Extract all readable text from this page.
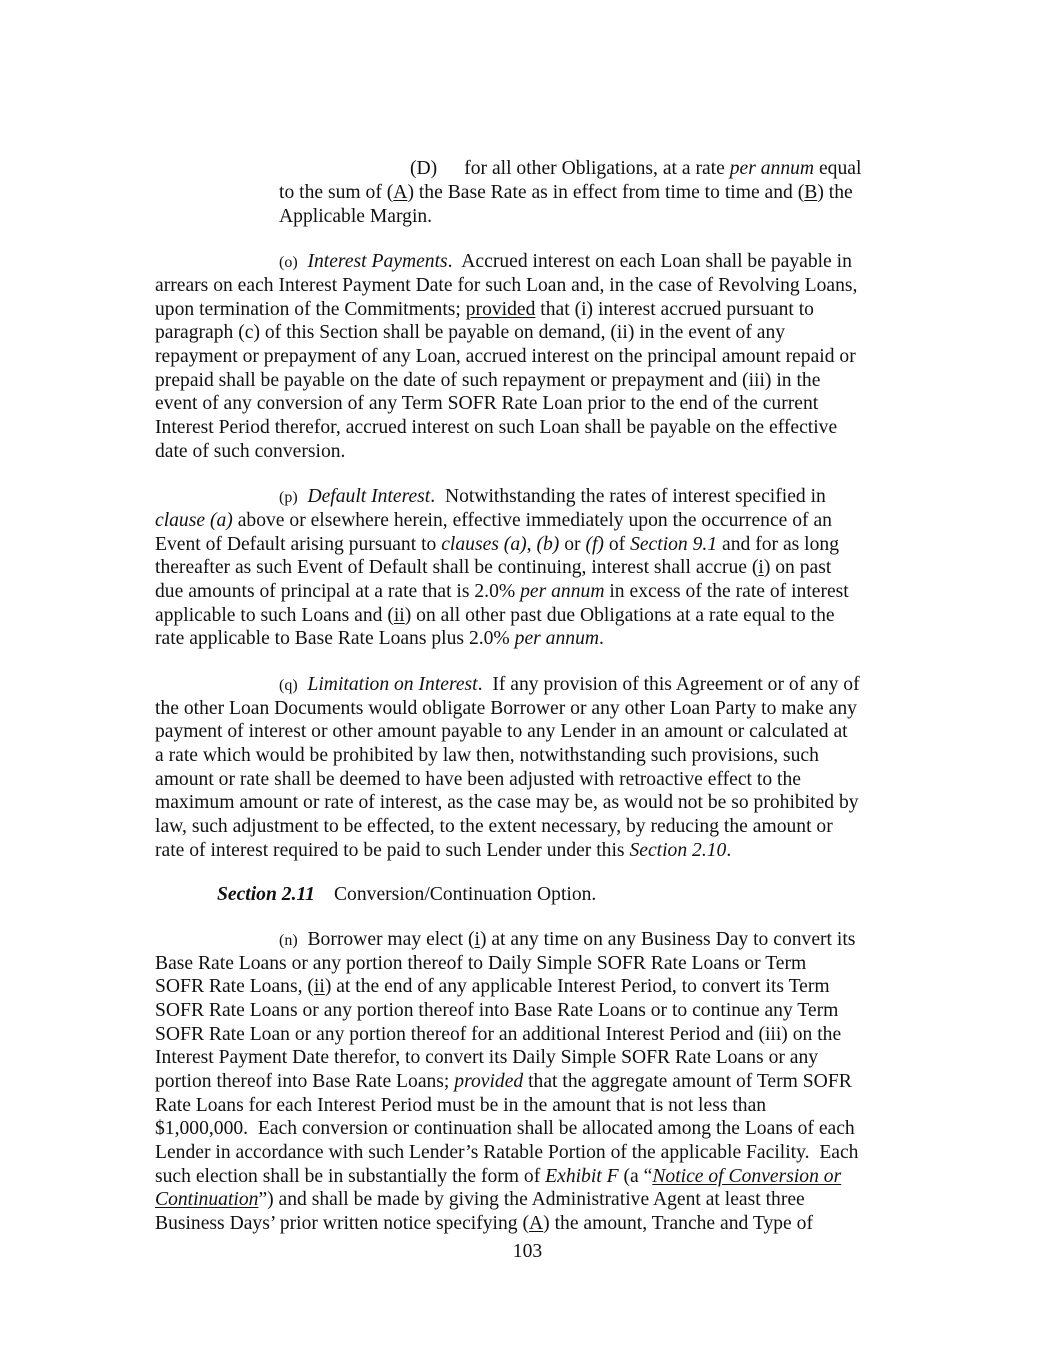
(D) for all other Obligations, at a rate per annum equal
to the sum of (A) the Base Rate as in effect from time to time and (B) the
Applicable Margin.
(o) Interest Payments.  Accrued interest on each Loan shall be payable in
arrears on each Interest Payment Date for such Loan and, in the case of Revolving Loans,
upon termination of the Commitments; provided that (i) interest accrued pursuant to
paragraph (c) of this Section shall be payable on demand, (ii) in the event of any
repayment or prepayment of any Loan, accrued interest on the principal amount repaid or
prepaid shall be payable on the date of such repayment or prepayment and (iii) in the
event of any conversion of any Term SOFR Rate Loan prior to the end of the current
Interest Period therefor, accrued interest on such Loan shall be payable on the effective
date of such conversion.
(p) Default Interest.  Notwithstanding the rates of interest specified in
clause (a) above or elsewhere herein, effective immediately upon the occurrence of an
Event of Default arising pursuant to clauses (a), (b) or (f) of Section 9.1 and for as long
thereafter as such Event of Default shall be continuing, interest shall accrue (i) on past
due amounts of principal at a rate that is 2.0% per annum in excess of the rate of interest
applicable to such Loans and (ii) on all other past due Obligations at a rate equal to the
rate applicable to Base Rate Loans plus 2.0% per annum.
(q) Limitation on Interest.  If any provision of this Agreement or of any of
the other Loan Documents would obligate Borrower or any other Loan Party to make any
payment of interest or other amount payable to any Lender in an amount or calculated at
a rate which would be prohibited by law then, notwithstanding such provisions, such
amount or rate shall be deemed to have been adjusted with retroactive effect to the
maximum amount or rate of interest, as the case may be, as would not be so prohibited by
law, such adjustment to be effected, to the extent necessary, by reducing the amount or
rate of interest required to be paid to such Lender under this Section 2.10.
Section 2.11 Conversion/Continuation Option.
(n) Borrower may elect (i) at any time on any Business Day to convert its
Base Rate Loans or any portion thereof to Daily Simple SOFR Rate Loans or Term
SOFR Rate Loans, (ii) at the end of any applicable Interest Period, to convert its Term
SOFR Rate Loans or any portion thereof into Base Rate Loans or to continue any Term
SOFR Rate Loan or any portion thereof for an additional Interest Period and (iii) on the
Interest Payment Date therefor, to convert its Daily Simple SOFR Rate Loans or any
portion thereof into Base Rate Loans; provided that the aggregate amount of Term SOFR
Rate Loans for each Interest Period must be in the amount that is not less than
$1,000,000.  Each conversion or continuation shall be allocated among the Loans of each
Lender in accordance with such Lender’s Ratable Portion of the applicable Facility.  Each
such election shall be in substantially the form of Exhibit F (a “Notice of Conversion or
Continuation”) and shall be made by giving the Administrative Agent at least three
Business Days’ prior written notice specifying (A) the amount, Tranche and Type of
103
